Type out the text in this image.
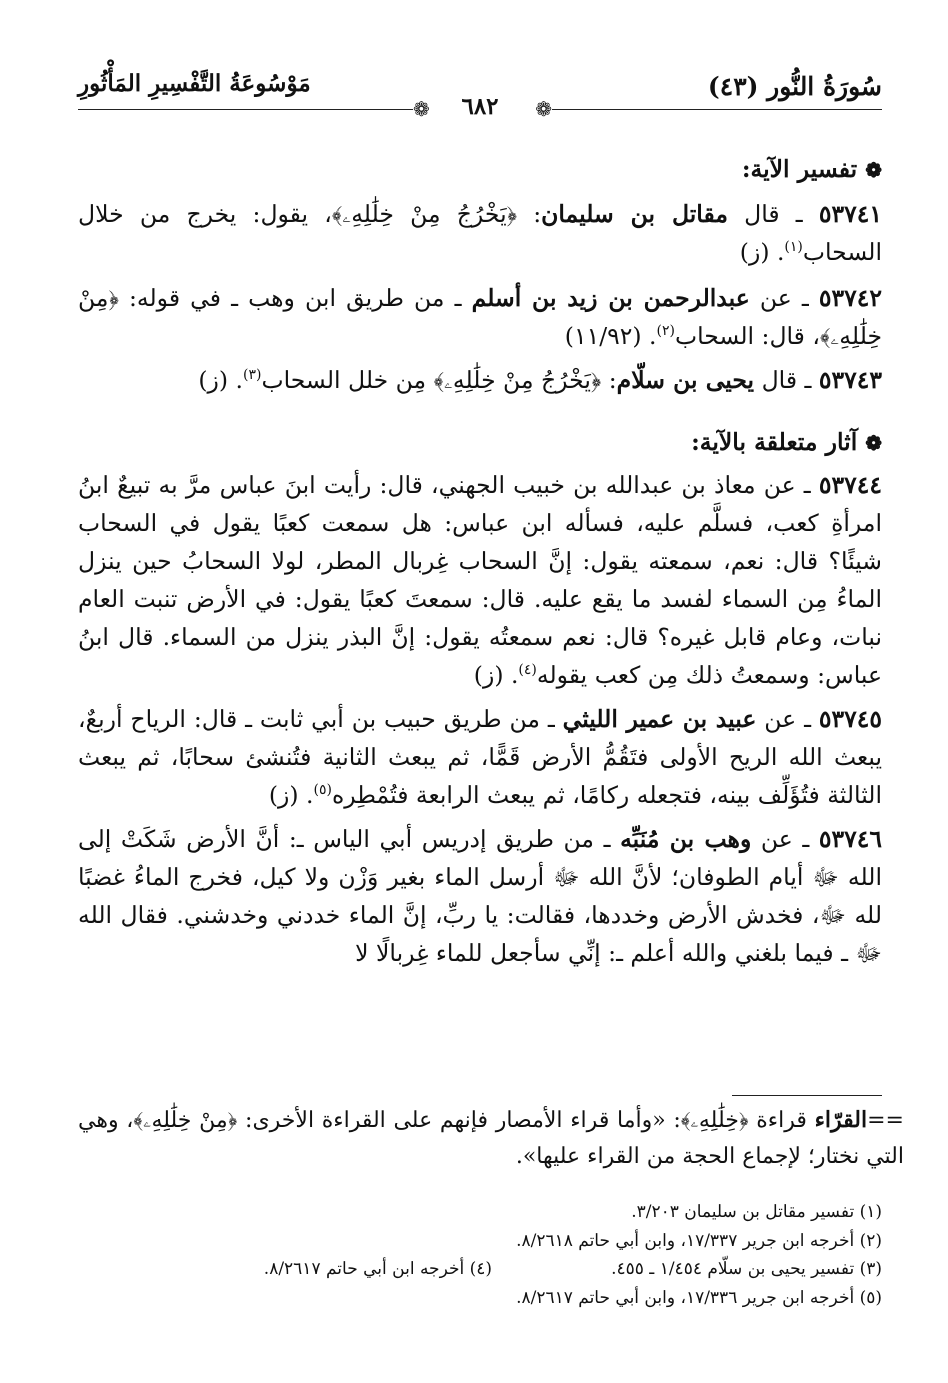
سُورَةُ النُّور (٤٣)
مَوْسُوعَةُ التَّفْسِيرِ المَأْثُورِ
❁
❁ ٦٨٢

❁تفسير الآية:

٥٣٧٤١ ـ قال مقاتل بن سليمان: ﴿يَخْرُجُ مِنْ خِلَٰلِهِۦ﴾، يقول: يخرج من خلال السحاب$^{(١)}$. (ز)

٥٣٧٤٢ ـ عن عبدالرحمن بن زيد بن أسلم ـ من طريق ابن وهب ـ في قوله: ﴿مِنْ خِلَٰلِهِۦ﴾، قال: السحاب$^{(٢)}$. (١١/٩٢)

٥٣٧٤٣ ـ قال يحيى بن سلّام: ﴿يَخْرُجُ مِنْ خِلَٰلِهِۦ﴾ مِن خلل السحاب$^{(٣)}$. (ز)

❁آثار متعلقة بالآية:

٥٣٧٤٤ ـ عن معاذ بن عبدالله بن خبيب الجهني، قال: رأيت ابنَ عباس مرَّ به تبيعٌ ابنُ امرأةِ كعب، فسلَّم عليه، فسأله ابن عباس: هل سمعت كعبًا يقول في السحاب شيئًا؟ قال: نعم، سمعته يقول: إنَّ السحاب غِربال المطر، لولا السحابُ حين ينزل الماءُ مِن السماء لفسد ما يقع عليه. قال: سمعتَ كعبًا يقول: في الأرض تنبت العام نبات، وعام قابل غيره؟ قال: نعم سمعتُه يقول: إنَّ البذر ينزل من السماء. قال ابنُ عباس: وسمعتُ ذلك مِن كعب يقوله$^{(٤)}$. (ز)

٥٣٧٤٥ ـ عن عبيد بن عمير الليثي ـ من طريق حبيب بن أبي ثابت ـ قال: الرياح أربعٌ، يبعث الله الريح الأولى فتَقُمُّ الأرض قَمًّا، ثم يبعث الثانية فتُنشئ سحابًا، ثم يبعث الثالثة فتُؤَلِّف بينه، فتجعله ركامًا، ثم يبعث الرابعة فتُمْطِره$^{(٥)}$. (ز)

٥٣٧٤٦ ـ عن وهب بن مُنَبِّه ـ من طريق إدريس أبي الياس ـ: أنَّ الأرض شَكَتْ إلى الله ﷻ أيام الطوفان؛ لأنَّ الله ﷻ أرسل الماء بغير وَزْن ولا كيل، فخرج الماءُ غضبًا لله ﷻ، فخدش الأرض وخددها، فقالت: يا ربِّ، إنَّ الماء خددني وخدشني. فقال الله ﷻ ـ فيما بلغني والله أعلم ـ: إنِّي سأجعل للماء غِربالًا لا

==القرّاء قراءة ﴿خِلَٰلِهِۦ﴾: «وأما قراء الأمصار فإنهم على القراءة الأخرى: ﴿مِنْ خِلَٰلِهِۦ﴾، وهي التي نختار؛ لإجماع الحجة من القراء عليها».
(١) تفسير مقاتل بن سليمان ٣/٢٠٣.
(٢) أخرجه ابن جرير ١٧/٣٣٧، وابن أبي حاتم ٨/٢٦١٨.
(٣) تفسير يحيى بن سلّام ١/٤٥٤ ـ ٤٥٥.
(٤) أخرجه ابن أبي حاتم ٨/٢٦١٧.
(٥) أخرجه ابن جرير ١٧/٣٣٦، وابن أبي حاتم ٨/٢٦١٧.
